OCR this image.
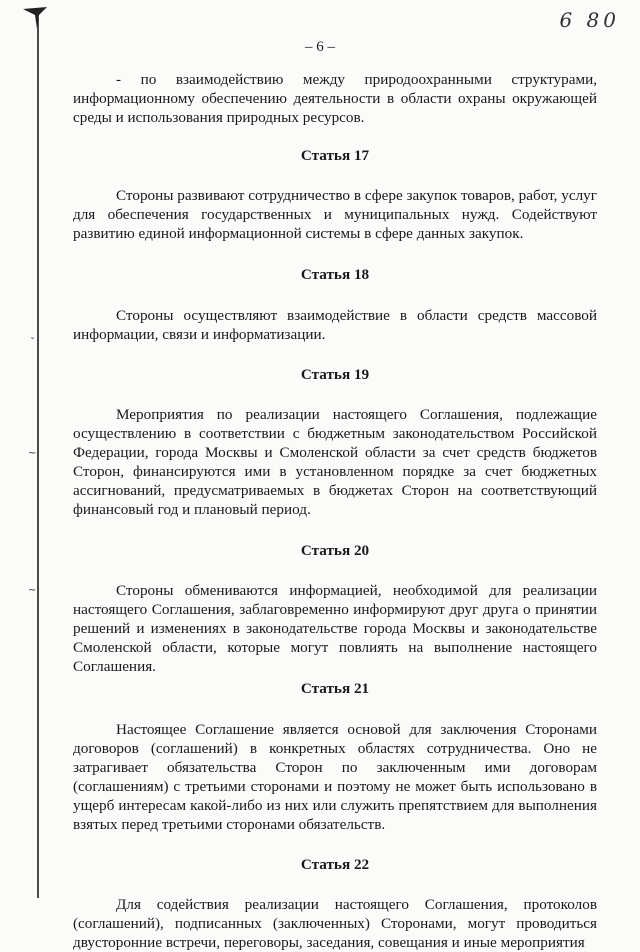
ˇ
~
~
6 80
– 6 –

- по взаимодействию между природоохранными структурами, информационному обеспечению деятельности в области охраны окружающей среды и использования природных ресурсов.

Статья 17

Стороны развивают сотрудничество в сфере закупок товаров, работ, услуг для обеспечения государственных и муниципальных нужд. Содействуют развитию единой информационной системы в сфере данных закупок.

Статья 18

Стороны осуществляют взаимодействие в области средств массовой информации, связи и информатизации.

Статья 19

Мероприятия по реализации настоящего Соглашения, подлежащие осуществлению в соответствии с бюджетным законодательством Российской Федерации, города Москвы и Смоленской области за счет средств бюджетов Сторон, финансируются ими в установленном порядке за счет бюджетных ассигнований, предусматриваемых в бюджетах Сторон на соответствующий финансовый год и плановый период.

Статья 20

Стороны обмениваются информацией, необходимой для реализации настоящего Соглашения, заблаговременно информируют друг друга о принятии решений и изменениях в законодательстве города Москвы и законодательстве Смоленской области, которые могут повлиять на выполнение настоящего Соглашения.

Статья 21

Настоящее Соглашение является основой для заключения Сторонами договоров (соглашений) в конкретных областях сотрудничества. Оно не затрагивает обязательства Сторон по заключенным ими договорам (соглашениям) с третьими сторонами и поэтому не может быть использовано в ущерб интересам какой-либо из них или служить препятствием для выполнения взятых перед третьими сторонами обязательств.

Статья 22

Для содействия реализации настоящего Соглашения, протоколов (соглашений), подписанных (заключенных) Сторонами, могут проводиться двусторонние встречи, переговоры, заседания, совещания и иные мероприятия
